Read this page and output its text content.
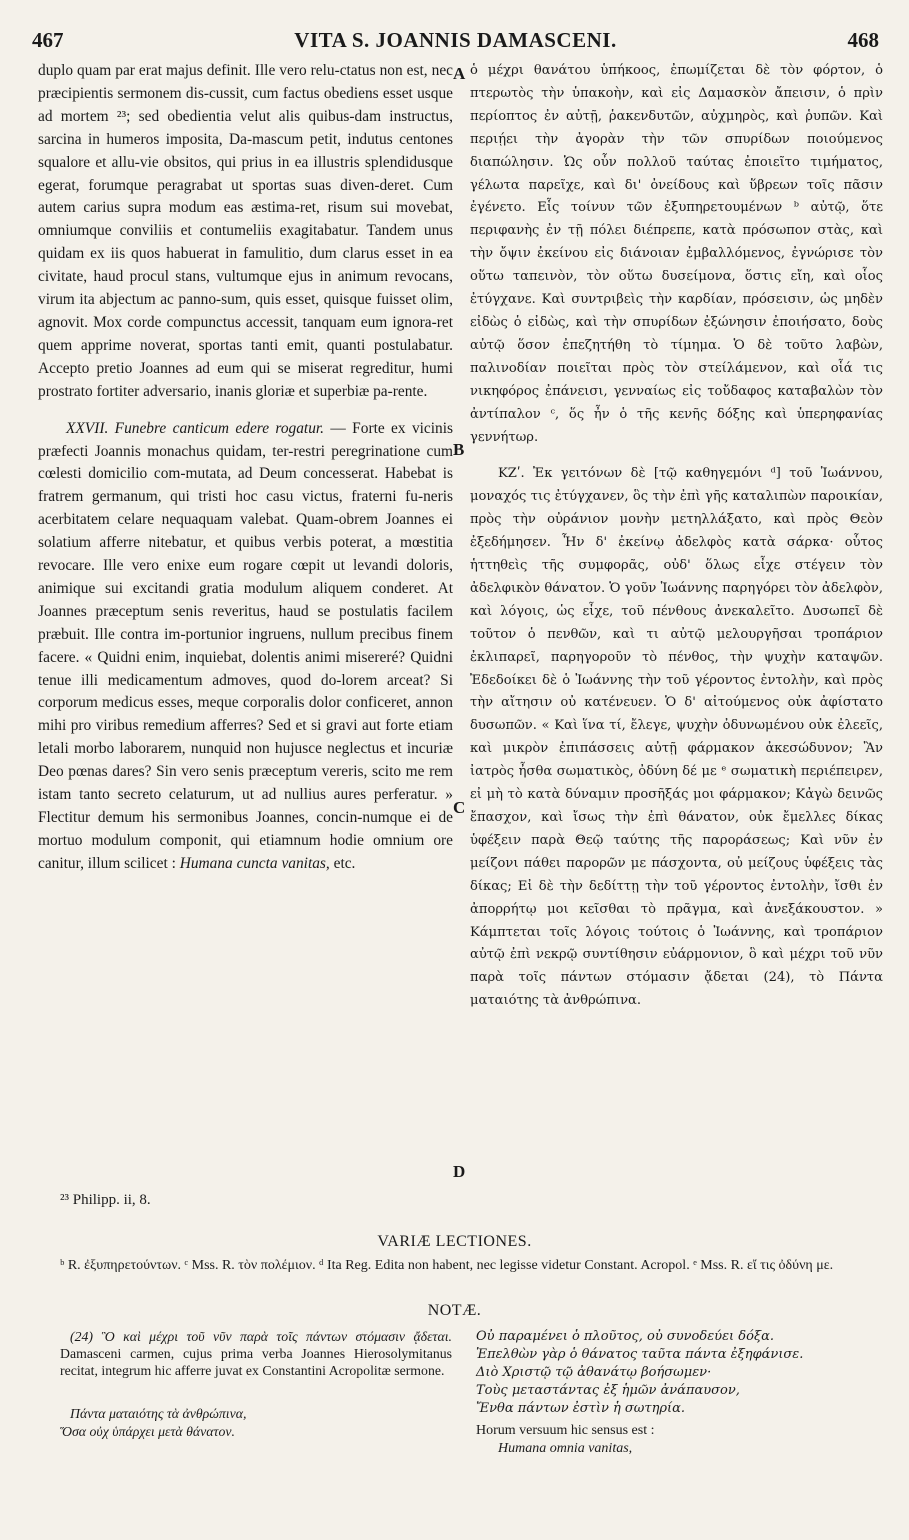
467	VITA S. JOANNIS DAMASCENI.	468

duplo quam par erat majus definit. Ille vero relu-ctatus non est, nec præcipientis sermonem dis-cussit, cum factus obediens esset usque ad mortem ²³; sed obedientia velut alis quibus-dam instructus, sarcina in humeros imposita, Da-mascum petit, indutus centones squalore et allu-vie obsitos, qui prius in ea illustris splendidusque egerat, forumque peragrabat ut sportas suas diven-deret. Cum autem carius supra modum eas æstima-ret, risum sui movebat, omniumque conviliis et contumeliis exagitabatur. Tandem unus quidam ex iis quos habuerat in famulitio, dum clarus esset in ea civitate, haud procul stans, vultumque ejus in animum revocans, virum ita abjectum ac panno-sum, quis esset, quisque fuisset olim, agnovit. Mox corde compunctus accessit, tanquam eum ignora-ret quem apprime noverat, sportas tanti emit, quanti postulabatur. Accepto pretio Joannes ad eum qui se miserat regreditur, humi prostrato fortiter adversario, inanis gloriæ et superbiæ pa-rente.

XXVII. Funebre canticum edere rogatur. — Forte ex vicinis præfecti Joannis monachus quidam, ter-restri peregrinatione cum cœlesti domicilio com-mutata, ad Deum concesserat. Habebat is fratrem germanum, qui tristi hoc casu victus, fraterni fu-neris acerbitatem celare nequaquam valebat. Quam-obrem Joannes ei solatium afferre nitebatur, et quibus verbis poterat, a mœstitia revocare. Ille vero enixe eum rogare cœpit ut levandi doloris, animique sui excitandi gratia modulum aliquem conderet. At Joannes præceptum senis reveritus, haud se postulatis facilem præbuit. Ille contra im-portunior ingruens, nullum precibus finem facere. « Quidni enim, inquiebat, dolentis animi misereré? Quidni tenue illi medicamentum admoves, quod do-lorem arceat? Si corporum medicus esses, meque corporalis dolor conficeret, annon mihi pro viribus remedium afferres? Sed et si gravi aut forte etiam letali morbo laborarem, nunquid non hujusce neglectus et incuriæ Deo pœnas dares? Sin vero senis præceptum vereris, scito me rem istam tanto secreto celaturum, ut ad nullius aures perferatur. » Flectitur demum his sermonibus Joannes, concin-numque ei de mortuo modulum componit, qui etiamnum hodie omnium ore canitur, illum scilicet : Humana cuncta vanitas, etc.

A
B
C
D

ὁ μέχρι θανάτου ὑπήκοος, ἐπωμίζεται δὲ τὸν φόρτον, ὁ πτερωτὸς τὴν ὑπακοὴν, καὶ εἰς Δαμασκὸν ἄπεισιν, ὁ πρὶν περίοπτος ἐν αὐτῇ, ῥακενδυτῶν, αὐχμηρὸς, καὶ ῥυπῶν. Καὶ περιῄει τὴν ἀγορὰν τὴν τῶν σπυρίδων ποιούμενος διαπώλησιν. Ὡς οὖν πολλοῦ ταύτας ἐποιεῖτο τιμήματος, γέλωτα παρεῖχε, καὶ δι' ὀνείδους καὶ ὕβρεων τοῖς πᾶσιν ἐγένετο. Εἷς τοίνυν τῶν ἐξυπηρετουμένων ᵇ αὐτῷ, ὅτε περιφανὴς ἐν τῇ πόλει διέπρεπε, κατὰ πρόσωπον στὰς, καὶ τὴν ὄψιν ἐκείνου εἰς διάνοιαν ἐμβαλλόμενος, ἐγνώρισε τὸν οὕτω ταπεινὸν, τὸν οὕτω δυσείμονα, ὅστις εἴη, καὶ οἷος ἐτύγχανε. Καὶ συντριβεὶς τὴν καρδίαν, πρόσεισιν, ὡς μηδὲν εἰδὼς ὁ εἰδὼς, καὶ τὴν σπυρίδων ἐξώνησιν ἐποιήσατο, δοὺς αὐτῷ ὅσον ἐπεζητήθη τὸ τίμημα. Ὁ δὲ τοῦτο λαβὼν, παλινοδίαν ποιεῖται πρὸς τὸν στείλάμενον, καὶ οἷά τις νικηφόρος ἐπάνεισι, γενναίως εἰς τοὔδαφος καταβαλὼν τὸν ἀντίπαλον ᶜ, ὅς ἦν ὁ τῆς κενῆς δόξης καὶ ὑπερηφανίας γεννήτωρ.

ΚΖʹ. Ἐκ γειτόνων δὲ [τῷ καθηγεμόνι ᵈ] τοῦ Ἰωάννου, μοναχός τις ἐτύγχανεν, ὃς τὴν ἐπὶ γῆς καταλιπὼν παροικίαν, πρὸς τὴν οὐράνιον μονὴν μετηλλάξατο, καὶ πρὸς Θεὸν ἐξεδήμησεν. Ἦν δ' ἐκείνῳ ἀδελφὸς κατὰ σάρκα· οὗτος ἡττηθεὶς τῆς συμφορᾶς, οὐδ' ὅλως εἶχε στέγειν τὸν ἀδελφικὸν θάνατον. Ὁ γοῦν Ἰωάννης παρηγόρει τὸν ἀδελφὸν, καὶ λόγοις, ὡς εἶχε, τοῦ πένθους ἀνεκαλεῖτο. Δυσωπεῖ δὲ τοῦτον ὁ πενθῶν, καὶ τι αὐτῷ μελουργῆσαι τροπάριον ἐκλιπαρεῖ, παρηγοροῦν τὸ πένθος, τὴν ψυχὴν καταψῶν. Ἐδεδοίκει δὲ ὁ Ἰωάννης τὴν τοῦ γέροντος ἐντολὴν, καὶ πρὸς τὴν αἴτησιν οὐ κατένευεν. Ὁ δ' αἰτούμενος οὐκ ἀφίστατο δυσωπῶν. « Καὶ ἵνα τί, ἔλεγε, ψυχὴν ὀδυνωμένου οὐκ ἐλεεῖς, καὶ μικρὸν ἐπιπάσσεις αὐτῇ φάρμακον ἀκεσώδυνον; Ἂν ἰατρὸς ἦσθα σωματικὸς, ὀδύνη δέ με ᵉ σωματικὴ περιέπειρεν, εἰ μὴ τὸ κατὰ δύναμιν προσῆξάς μοι φάρμακον; Κἀγὼ δεινῶς ἔπασχον, καὶ ἴσως τὴν ἐπὶ θάνατον, οὐκ ἔμελλες δίκας ὑφέξειν παρὰ Θεῷ ταύτης τῆς παροράσεως; Καὶ νῦν ἐν μείζονι πάθει παρορῶν με πάσχοντα, οὐ μείζους ὑφέξεις τὰς δίκας; Εἰ δὲ τὴν δεδίττῃ τὴν τοῦ γέροντος ἐντολὴν, ἴσθι ἐν ἀπορρήτῳ μοι κεῖσθαι τὸ πρᾶγμα, καὶ ἀνεξάκουστον. » Κάμπτεται τοῖς λόγοις τούτοις ὁ Ἰωάννης, καὶ τροπάριον αὐτῷ ἐπὶ νεκρῷ συντίθησιν εὐάρμονιον, ὃ καὶ μέχρι τοῦ νῦν παρὰ τοῖς πάντων στόμασιν ᾄδεται (24), τὸ Πάντα ματαιότης τὰ ἀνθρώπινα.

²³ Philipp. ii, 8.
VARIÆ LECTIONES.
ᵇ R. ἐξυπηρετούντων. ᶜ Mss. R. τὸν πολέμιον. ᵈ Ita Reg. Edita non habent, nec legisse videtur Constant. Acropol. ᵉ Mss. R. εἴ τις ὀδύνη με.
NOTÆ.

(24) Ὃ καὶ μέχρι τοῦ νῦν παρὰ τοῖς πάντων στόμασιν ᾄδεται. Damasceni carmen, cujus prima verba Joannes Hierosolymitanus recitat, integrum hic afferre juvat ex Constantini Acropolitæ sermone.

Πάντα ματαιότης τὰ ἀνθρώπινα,
Ὅσα οὐχ ὑπάρχει μετὰ θάνατον.
Οὐ παραμένει ὁ πλοῦτος, οὐ συνοδεύει δόξα.
Ἐπελθὼν γὰρ ὁ θάνατος ταῦτα πάντα ἐξηφάνισε.
Διὸ Χριστῷ τῷ ἀθανάτῳ βοήσωμεν·
Τοὺς μεταστάντας ἐξ ἡμῶν ἀνάπαυσον,
Ἔνθα πάντων ἐστὶν ἡ σωτηρία.
Horum versuum hic sensus est :
Humana omnia vanitas,
